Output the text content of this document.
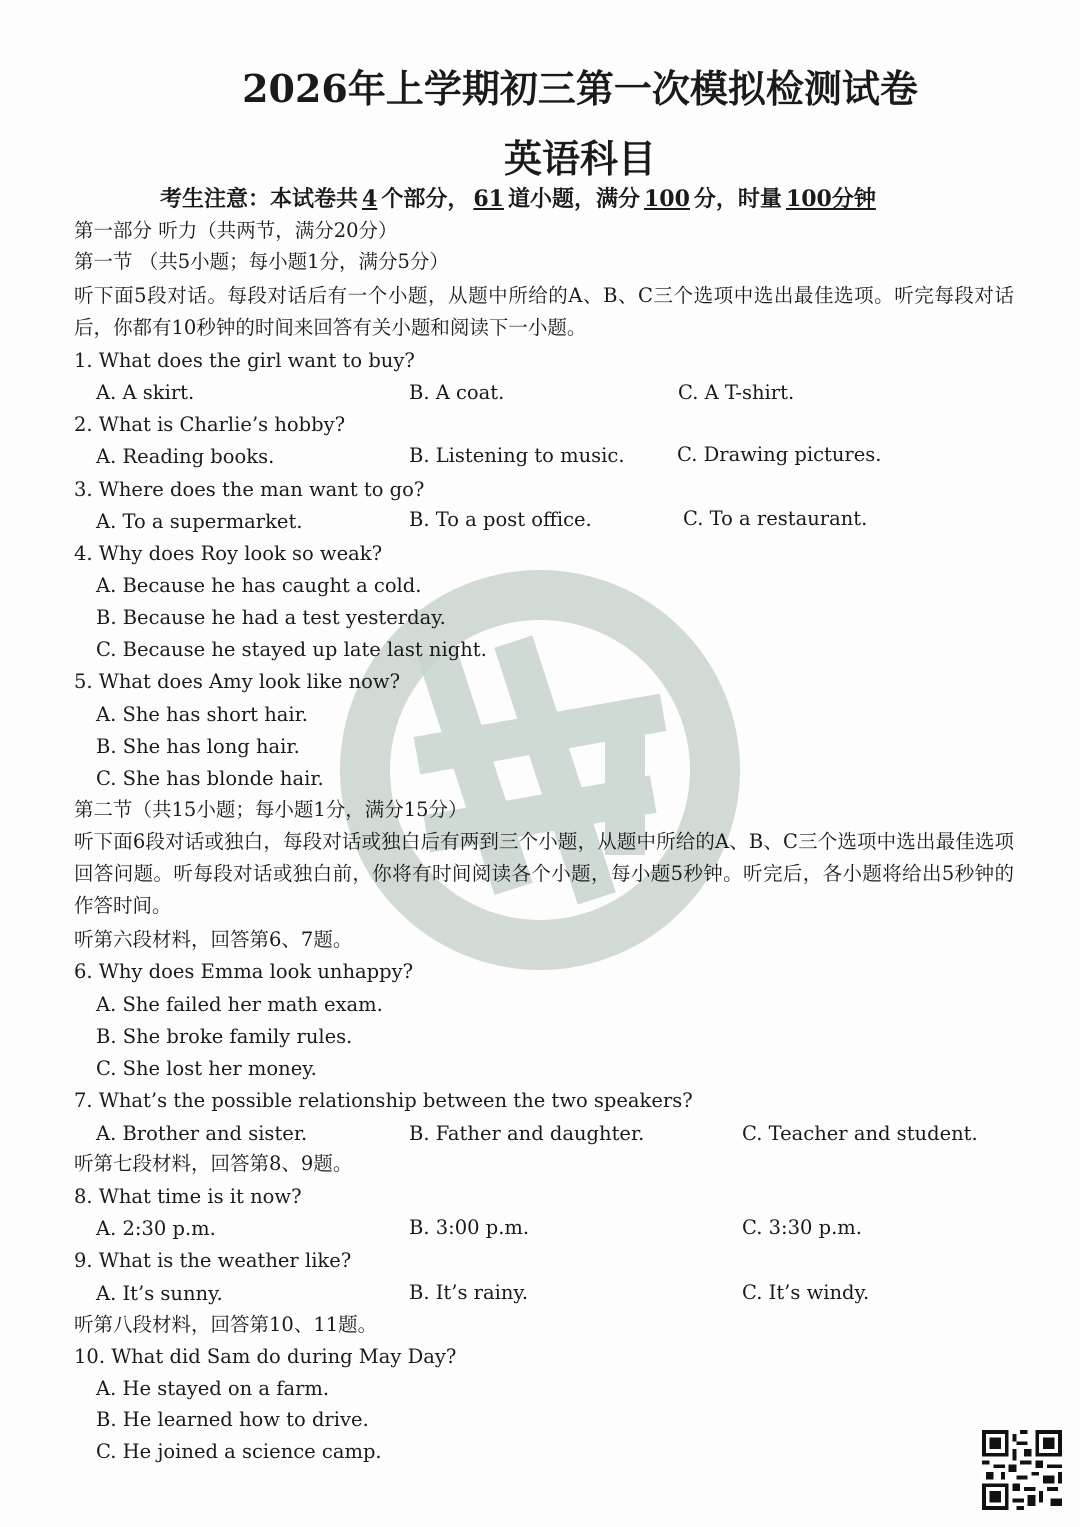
2026年上学期初三第一次模拟检测试卷
英语科目
考生注意：本试卷共 4 个部分， 61 道小题，满分 100 分，时量 100分钟
第一部分 听力（共两节，满分20分）
第一节 （共5小题；每小题1分，满分5分）
听下面5段对话。每段对话后有一个小题，从题中所给的A、B、C三个选项中选出最佳选项。听完每段对话后，你都有10秒钟的时间来回答有关小题和阅读下一小题。
1. What does the girl want to buy?
A. A skirt.	B. A coat.	C. A T-shirt.
2. What is Charlie’s hobby?
A. Reading books.	B. Listening to music.	C. Drawing pictures.
3. Where does the man want to go?
A. To a supermarket.	B. To a post office.	C. To a restaurant.
4. Why does Roy look so weak?
A. Because he has caught a cold.
B. Because he had a test yesterday.
C. Because he stayed up late last night.
5. What does Amy look like now?
A. She has short hair.
B. She has long hair.
C. She has blonde hair.
第二节（共15小题；每小题1分，满分15分）
听下面6段对话或独白，每段对话或独白后有两到三个小题，从题中所给的A、B、C三个选项中选出最佳选项回答问题。听每段对话或独白前，你将有时间阅读各个小题，每小题5秒钟。听完后，各小题将给出5秒钟的作答时间。
听第六段材料，回答第6、7题。
6. Why does Emma look unhappy?
A. She failed her math exam.
B. She broke family rules.
C. She lost her money.
7. What’s the possible relationship between the two speakers?
A. Brother and sister.	B. Father and daughter.	C. Teacher and student.
听第七段材料，回答第8、9题。
8. What time is it now?
A. 2:30 p.m.	B. 3:00 p.m.	C. 3:30 p.m.
9. What is the weather like?
A. It’s sunny.	B. It’s rainy.	C. It’s windy.
听第八段材料，回答第10、11题。
10. What did Sam do during May Day?
A. He stayed on a farm.
B. He learned how to drive.
C. He joined a science camp.
